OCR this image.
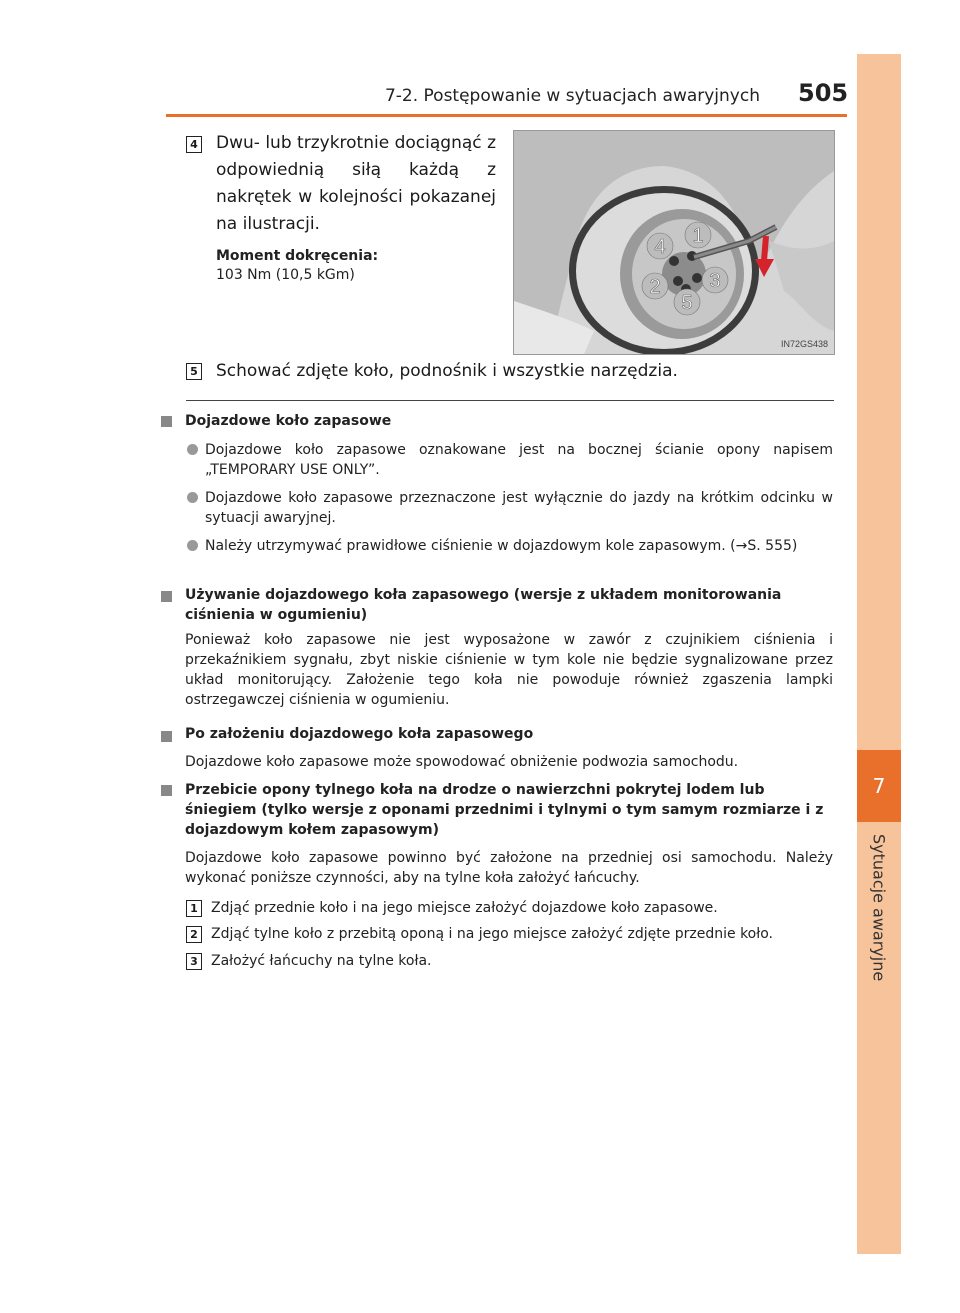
7
Sytuacje awaryjne
7-2. Postępowanie w sytuacjach awaryjnych 505
4 Dwu- lub trzykrotnie dociągnąć z odpowiednią siłą każdą z nakrętek w kolejności pokazanej na ilustracji.
Moment dokręcenia:
103 Nm (10,5 kGm)
1
2 3
4
5
IN72GS438
5 Schować zdjęte koło, podnośnik i wszystkie narzędzia.
Dojazdowe koło zapasowe
Dojazdowe koło zapasowe oznakowane jest na bocznej ścianie opony napisem „TEMPORARY USE ONLY”.
Dojazdowe koło zapasowe przeznaczone jest wyłącznie do jazdy na krótkim odcinku w sytuacji awaryjnej.
Należy utrzymywać prawidłowe ciśnienie w dojazdowym kole zapasowym. (→S. 555)
Używanie dojazdowego koła zapasowego (wersje z układem monitorowania ciśnienia w ogumieniu)
Ponieważ koło zapasowe nie jest wyposażone w zawór z czujnikiem ciśnienia i przekaźnikiem sygnału, zbyt niskie ciśnienie w tym kole nie będzie sygnalizowane przez układ monitorujący. Założenie tego koła nie powoduje również zgaszenia lampki ostrzegawczej ciśnienia w ogumieniu.
Po założeniu dojazdowego koła zapasowego
Dojazdowe koło zapasowe może spowodować obniżenie podwozia samochodu.
Przebicie opony tylnego koła na drodze o nawierzchni pokrytej lodem lub śniegiem (tylko wersje z oponami przednimi i tylnymi o tym samym rozmiarze i z dojazdowym kołem zapasowym)
Dojazdowe koło zapasowe powinno być założone na przedniej osi samochodu. Należy wykonać poniższe czynności, aby na tylne koła założyć łańcuchy.
1 Zdjąć przednie koło i na jego miejsce założyć dojazdowe koło zapasowe.
2 Zdjąć tylne koło z przebitą oponą i na jego miejsce założyć zdjęte przednie koło.
3 Założyć łańcuchy na tylne koła.
